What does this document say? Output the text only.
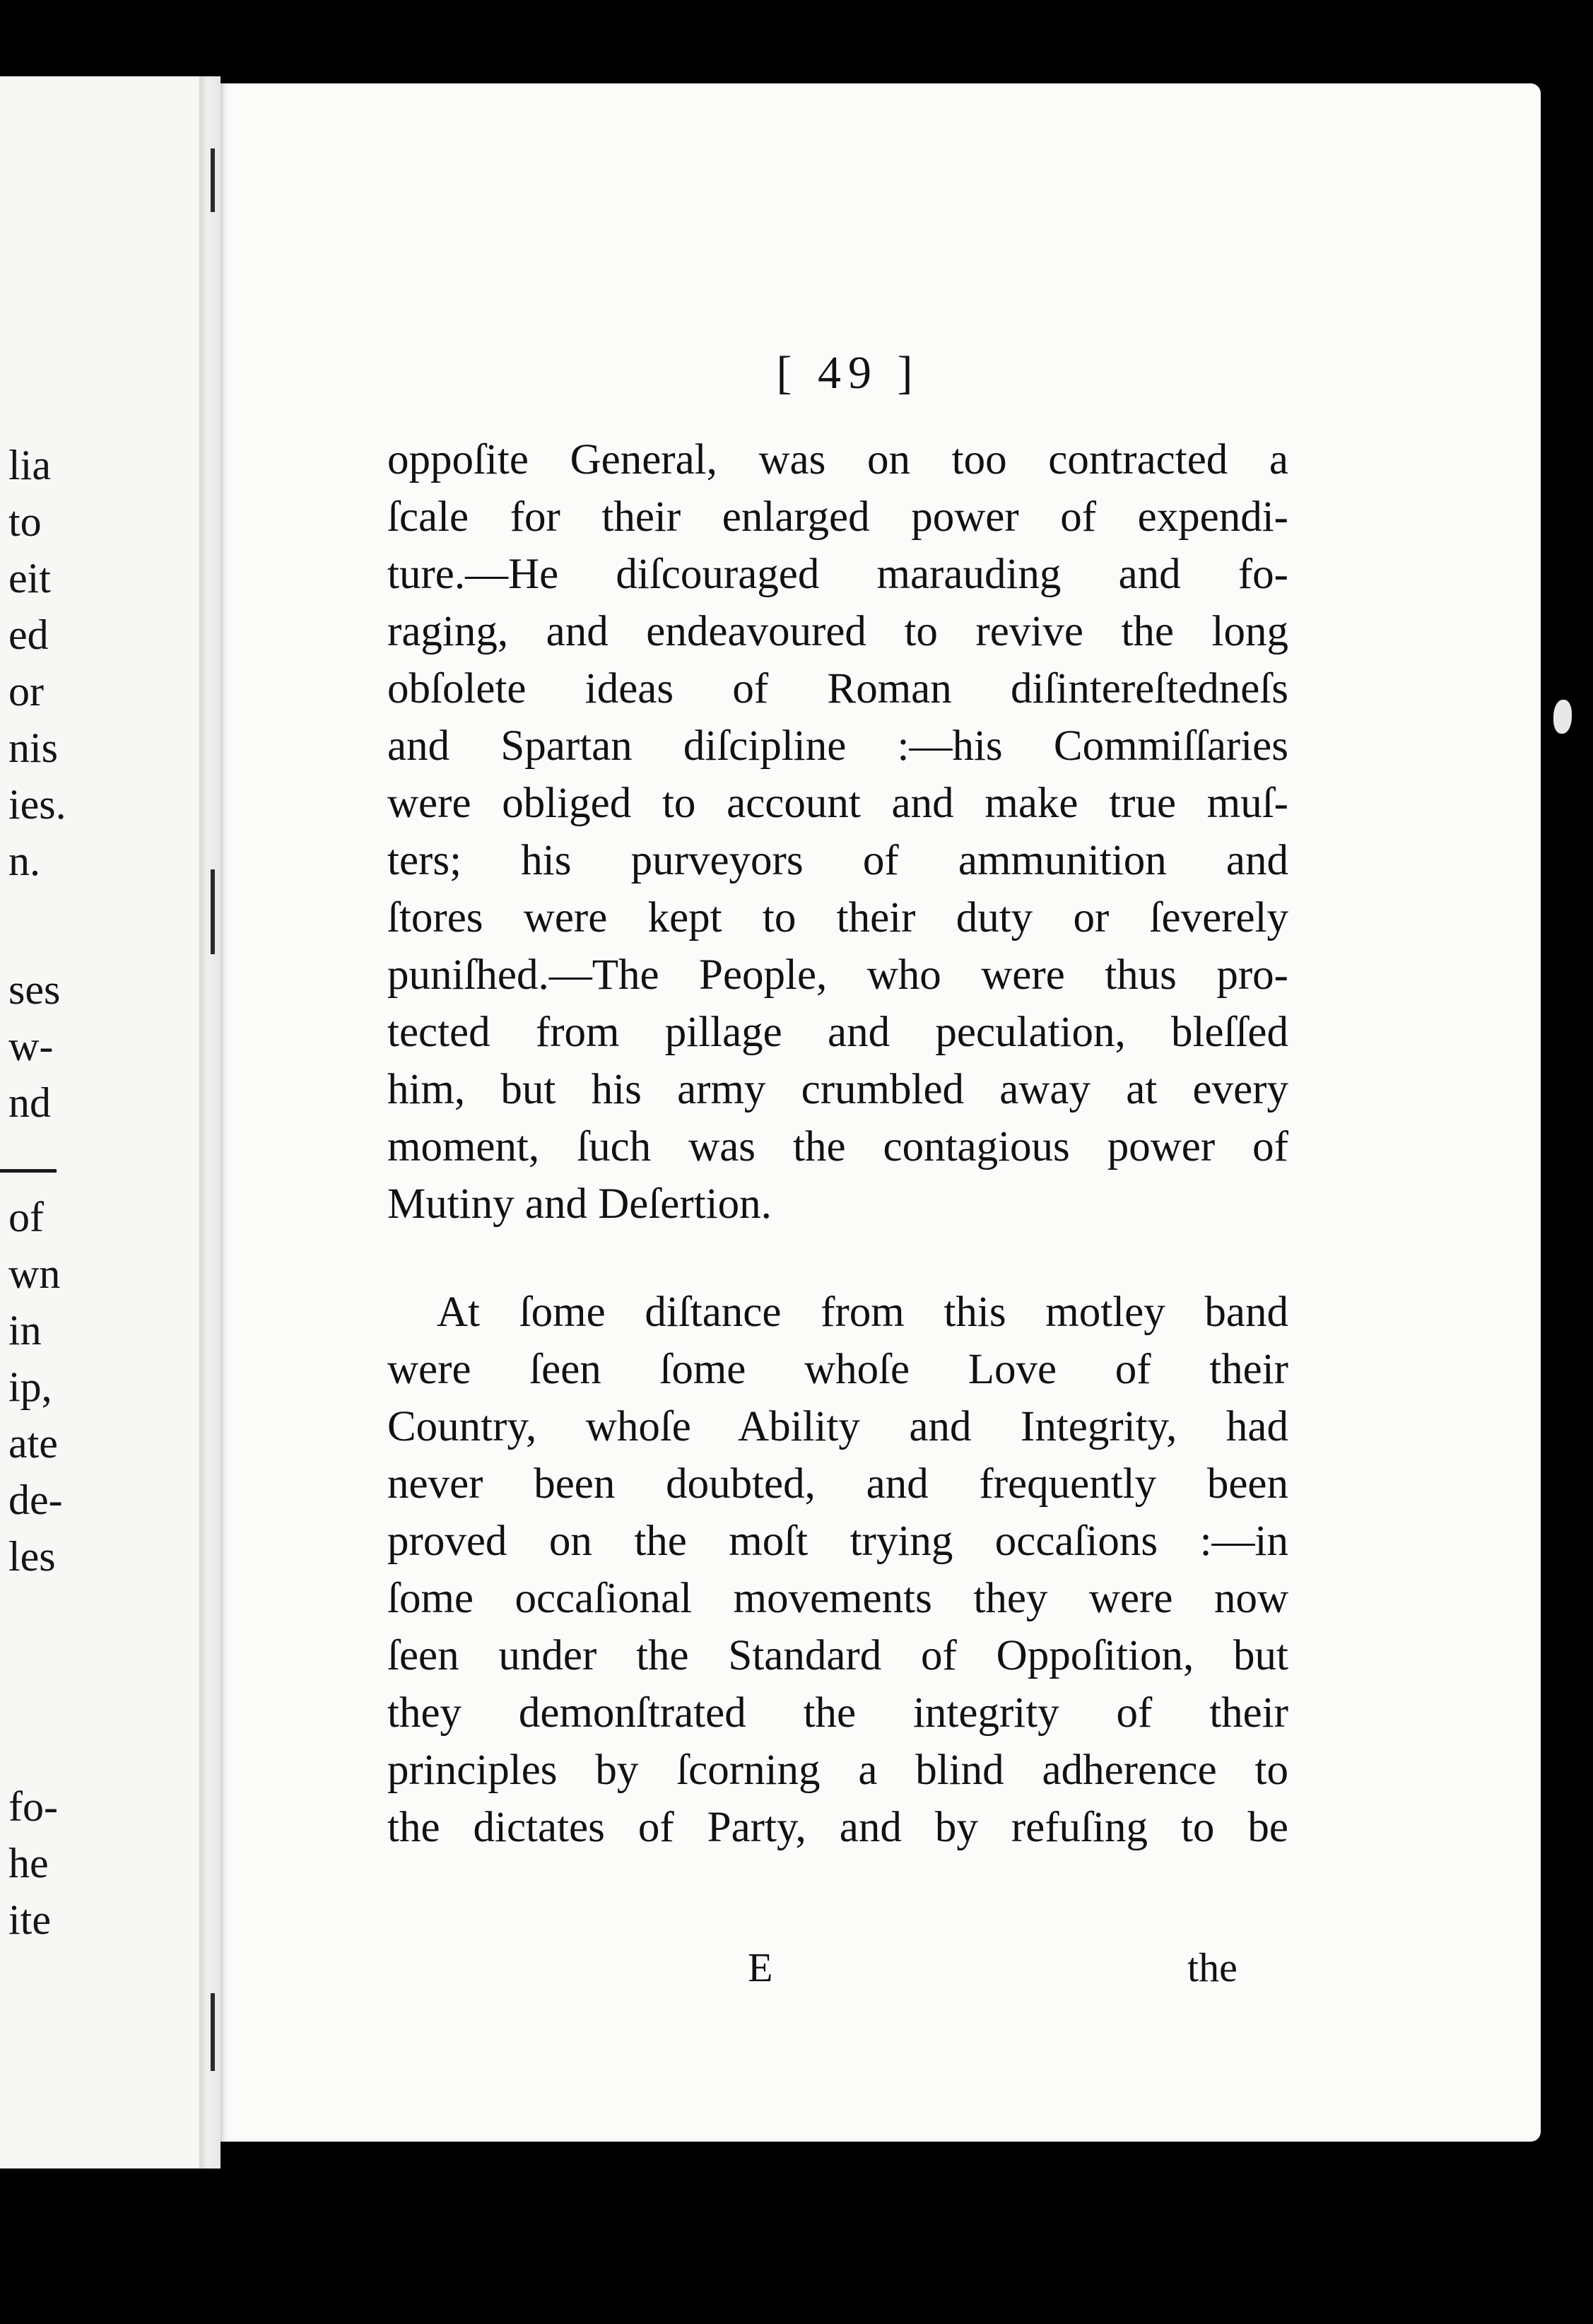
lia
to
eit
ed
or
nis
ies.
n.
ses
w-
nd
of
wn
in
ip,
ate
de-
les
fo-
he
ite
[ 49 ]
oppoſite General, was on too contracted a
ſcale for their enlarged power of expendi-
ture.—He diſcouraged marauding and fo-
raging, and endeavoured to revive the long
obſolete ideas of Roman diſintereſtedneſs
and Spartan diſcipline :—his Commiſſaries
were obliged to account and make true muſ-
ters; his purveyors of ammunition and
ſtores were kept to their duty or ſeverely
puniſhed.—The People, who were thus pro-
tected from pillage and peculation, bleſſed
him, but his army crumbled away at every
moment, ſuch was the contagious power of
Mutiny and Deſertion.
At ſome diſtance from this motley band
were ſeen ſome whoſe Love of their
Country, whoſe Ability and Integrity, had
never been doubted, and frequently been
proved on the moſt trying occaſions :—in
ſome occaſional movements they were now
ſeen under the Standard of Oppoſition, but
they demonſtrated the integrity of their
principles by ſcorning a blind adherence to
the dictates of Party, and by refuſing to be
E	the
